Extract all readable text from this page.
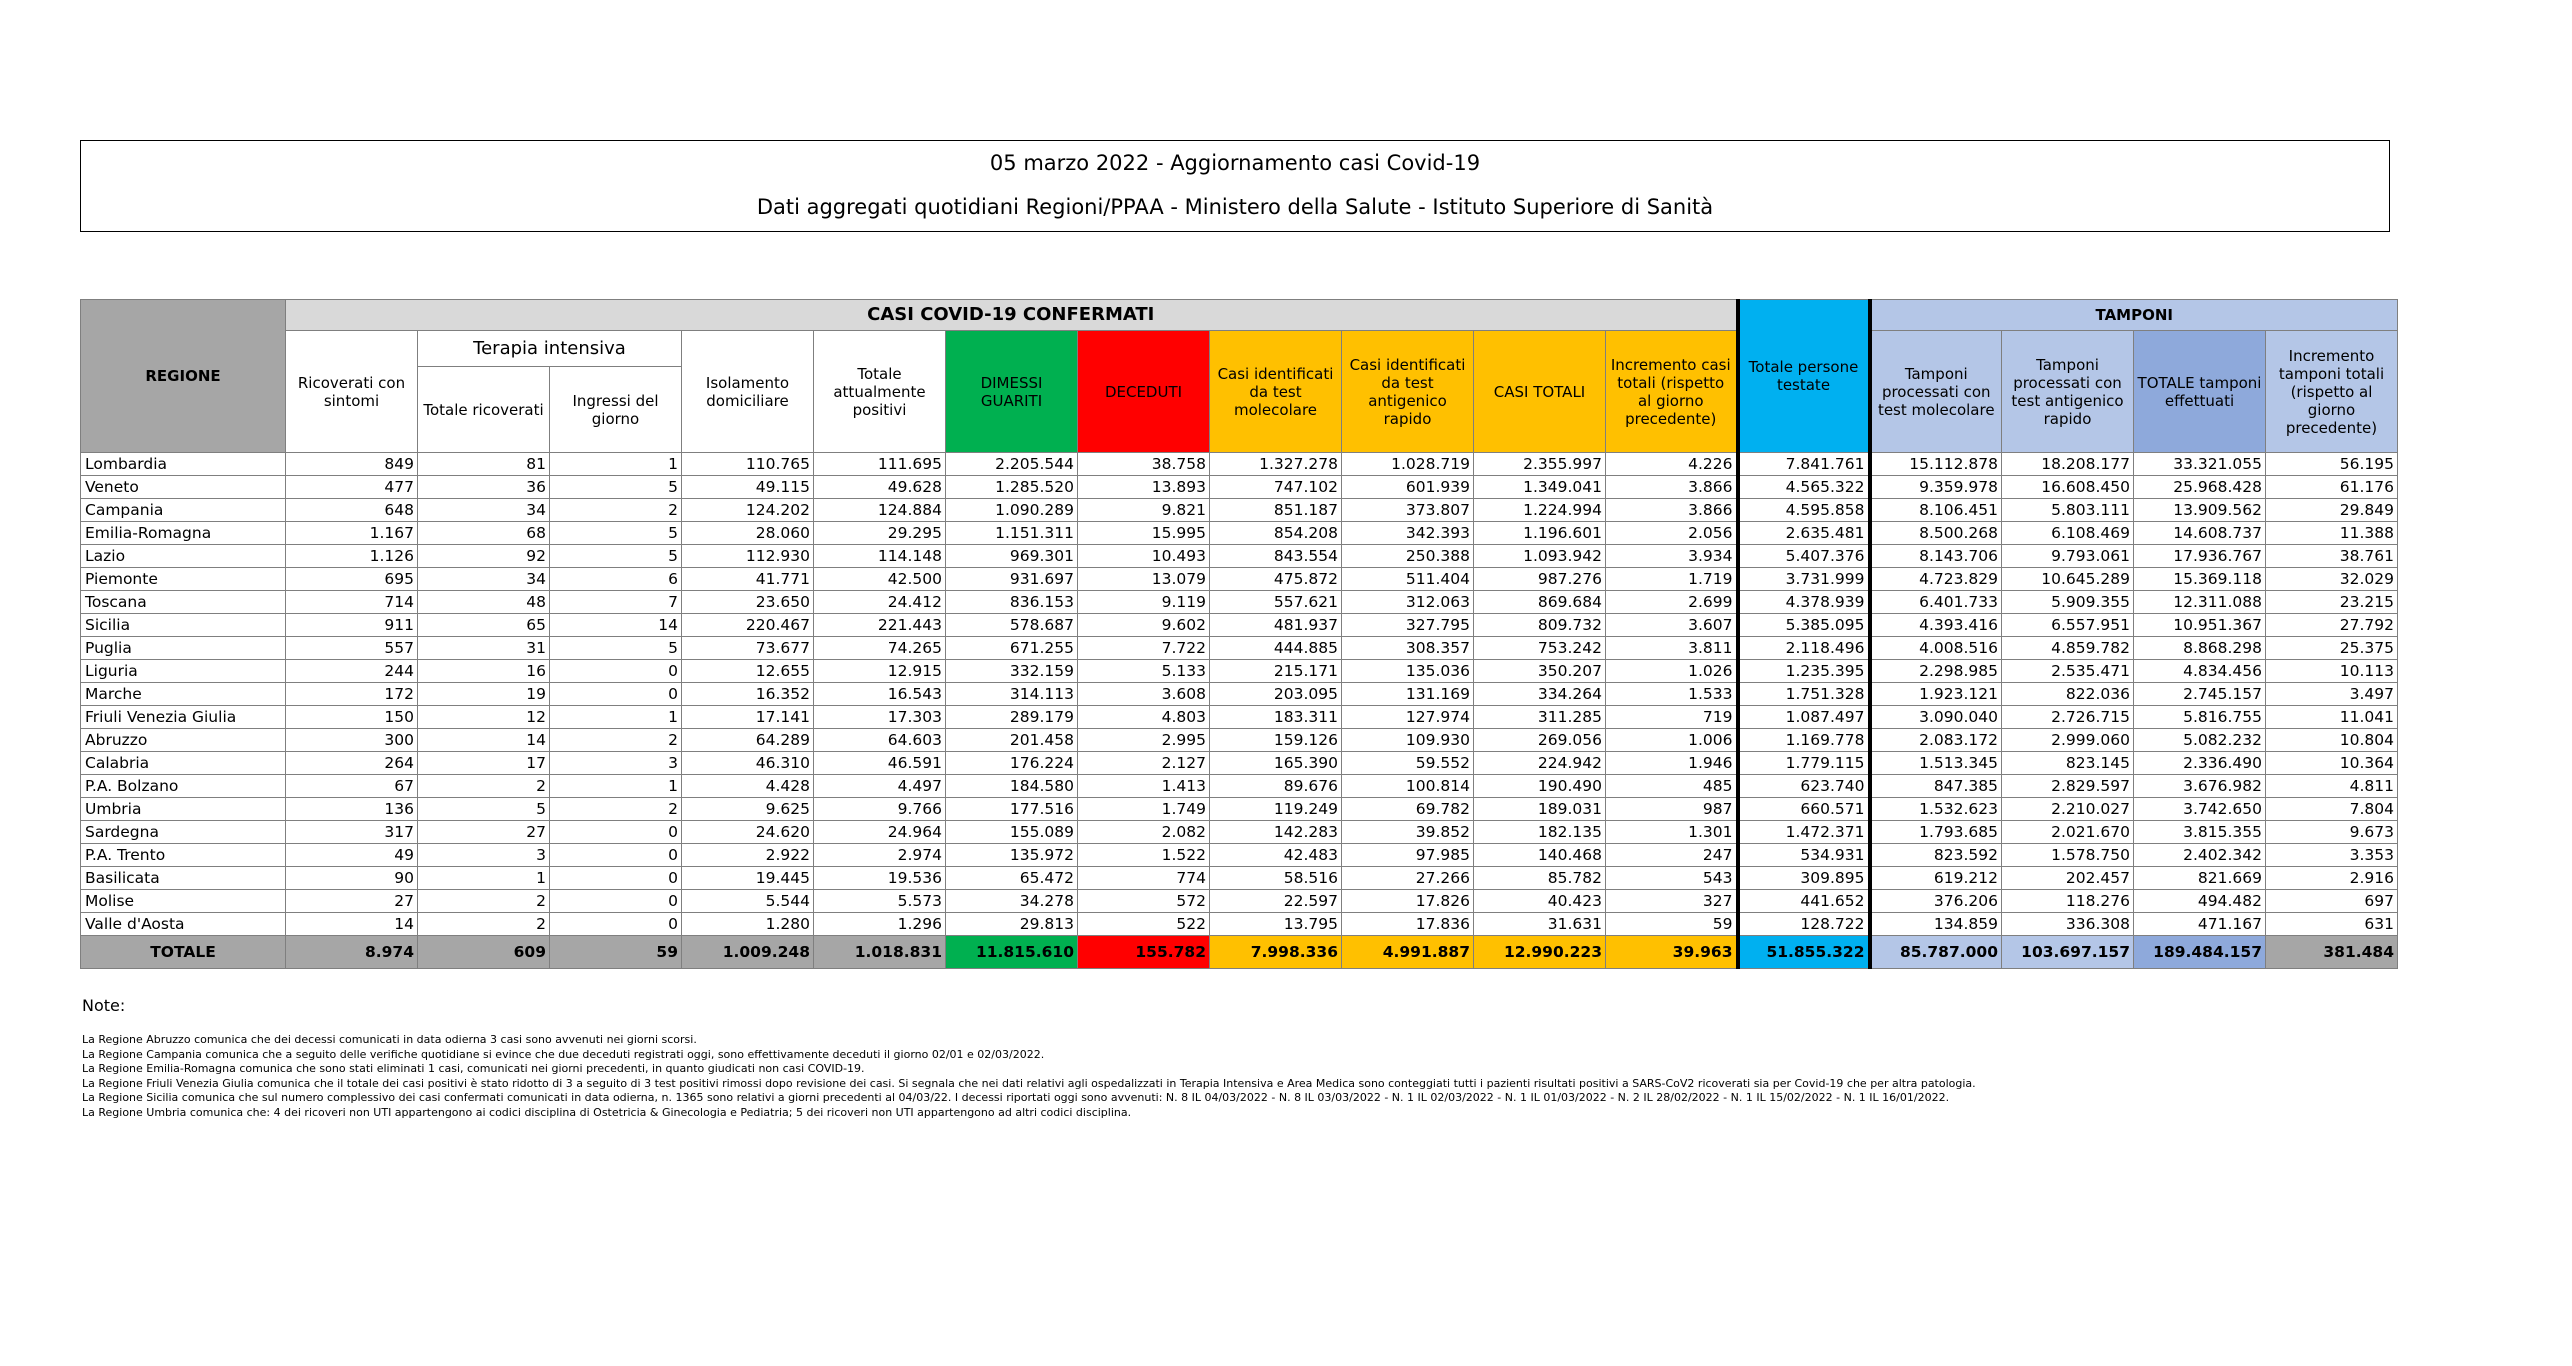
05 marzo 2022 - Aggiornamento casi Covid-19
Dati aggregati quotidiani Regioni/PPAA - Ministero della Salute - Istituto Superiore di Sanità
REGIONE	CASI COVID-19 CONFERMATI											Totale persone testate	TAMPONI			
	Ricoverati con sintomi	Terapia intensiva		Isolamento domiciliare	Totale attualmente positivi	DIMESSI GUARITI	DECEDUTI	Casi identificati da test molecolare	Casi identificati da test antigenico rapido	CASI TOTALI	Incremento casi totali (rispetto al giorno precedente)		Tamponi processati con test molecolare	Tamponi processati con test antigenico rapido	TOTALE tamponi effettuati	Incremento tamponi totali (rispetto al giorno precedente)
		Totale ricoverati	Ingressi del giorno													
Lombardia	849	81	1	110.765	111.695	2.205.544	38.758	1.327.278	1.028.719	2.355.997	4.226	7.841.761	15.112.878	18.208.177	33.321.055	56.195
Veneto	477	36	5	49.115	49.628	1.285.520	13.893	747.102	601.939	1.349.041	3.866	4.565.322	9.359.978	16.608.450	25.968.428	61.176
Campania	648	34	2	124.202	124.884	1.090.289	9.821	851.187	373.807	1.224.994	3.866	4.595.858	8.106.451	5.803.111	13.909.562	29.849
Emilia-Romagna	1.167	68	5	28.060	29.295	1.151.311	15.995	854.208	342.393	1.196.601	2.056	2.635.481	8.500.268	6.108.469	14.608.737	11.388
Lazio	1.126	92	5	112.930	114.148	969.301	10.493	843.554	250.388	1.093.942	3.934	5.407.376	8.143.706	9.793.061	17.936.767	38.761
Piemonte	695	34	6	41.771	42.500	931.697	13.079	475.872	511.404	987.276	1.719	3.731.999	4.723.829	10.645.289	15.369.118	32.029
Toscana	714	48	7	23.650	24.412	836.153	9.119	557.621	312.063	869.684	2.699	4.378.939	6.401.733	5.909.355	12.311.088	23.215
Sicilia	911	65	14	220.467	221.443	578.687	9.602	481.937	327.795	809.732	3.607	5.385.095	4.393.416	6.557.951	10.951.367	27.792
Puglia	557	31	5	73.677	74.265	671.255	7.722	444.885	308.357	753.242	3.811	2.118.496	4.008.516	4.859.782	8.868.298	25.375
Liguria	244	16	0	12.655	12.915	332.159	5.133	215.171	135.036	350.207	1.026	1.235.395	2.298.985	2.535.471	4.834.456	10.113
Marche	172	19	0	16.352	16.543	314.113	3.608	203.095	131.169	334.264	1.533	1.751.328	1.923.121	822.036	2.745.157	3.497
Friuli Venezia Giulia	150	12	1	17.141	17.303	289.179	4.803	183.311	127.974	311.285	719	1.087.497	3.090.040	2.726.715	5.816.755	11.041
Abruzzo	300	14	2	64.289	64.603	201.458	2.995	159.126	109.930	269.056	1.006	1.169.778	2.083.172	2.999.060	5.082.232	10.804
Calabria	264	17	3	46.310	46.591	176.224	2.127	165.390	59.552	224.942	1.946	1.779.115	1.513.345	823.145	2.336.490	10.364
P.A. Bolzano	67	2	1	4.428	4.497	184.580	1.413	89.676	100.814	190.490	485	623.740	847.385	2.829.597	3.676.982	4.811
Umbria	136	5	2	9.625	9.766	177.516	1.749	119.249	69.782	189.031	987	660.571	1.532.623	2.210.027	3.742.650	7.804
Sardegna	317	27	0	24.620	24.964	155.089	2.082	142.283	39.852	182.135	1.301	1.472.371	1.793.685	2.021.670	3.815.355	9.673
P.A. Trento	49	3	0	2.922	2.974	135.972	1.522	42.483	97.985	140.468	247	534.931	823.592	1.578.750	2.402.342	3.353
Basilicata	90	1	0	19.445	19.536	65.472	774	58.516	27.266	85.782	543	309.895	619.212	202.457	821.669	2.916
Molise	27	2	0	5.544	5.573	34.278	572	22.597	17.826	40.423	327	441.652	376.206	118.276	494.482	697
Valle d'Aosta	14	2	0	1.280	1.296	29.813	522	13.795	17.836	31.631	59	128.722	134.859	336.308	471.167	631
TOTALE	8.974	609	59	1.009.248	1.018.831	11.815.610	155.782	7.998.336	4.991.887	12.990.223	39.963	51.855.322	85.787.000	103.697.157	189.484.157	381.484
Note:
La Regione Abruzzo comunica che dei decessi comunicati in data odierna 3 casi sono avvenuti nei giorni scorsi.
La Regione Campania comunica che a seguito delle verifiche quotidiane si evince che due deceduti registrati oggi, sono effettivamente deceduti il giorno 02/01 e 02/03/2022.
La Regione Emilia-Romagna comunica che sono stati eliminati 1 casi, comunicati nei giorni precedenti, in quanto giudicati non casi COVID-19.
La Regione Friuli Venezia Giulia comunica che il totale dei casi positivi è stato ridotto di 3 a seguito di 3 test positivi rimossi dopo revisione dei casi. Si segnala che nei dati relativi agli ospedalizzati in Terapia Intensiva e Area Medica sono conteggiati tutti i pazienti risultati positivi a SARS-CoV2 ricoverati sia per Covid-19 che per altra patologia.
La Regione Sicilia comunica che sul numero complessivo dei casi confermati comunicati in data odierna, n. 1365 sono relativi a giorni precedenti al 04/03/22. I decessi riportati oggi sono avvenuti: N. 8 IL 04/03/2022 - N. 8 IL 03/03/2022 - N. 1 IL 02/03/2022 - N. 1 IL 01/03/2022 - N. 2 IL 28/02/2022 - N. 1 IL 15/02/2022 - N. 1 IL 16/01/2022.
La Regione Umbria comunica che: 4 dei ricoveri non UTI appartengono ai codici disciplina di Ostetricia & Ginecologia e Pediatria; 5 dei ricoveri non UTI appartengono ad altri codici disciplina.
